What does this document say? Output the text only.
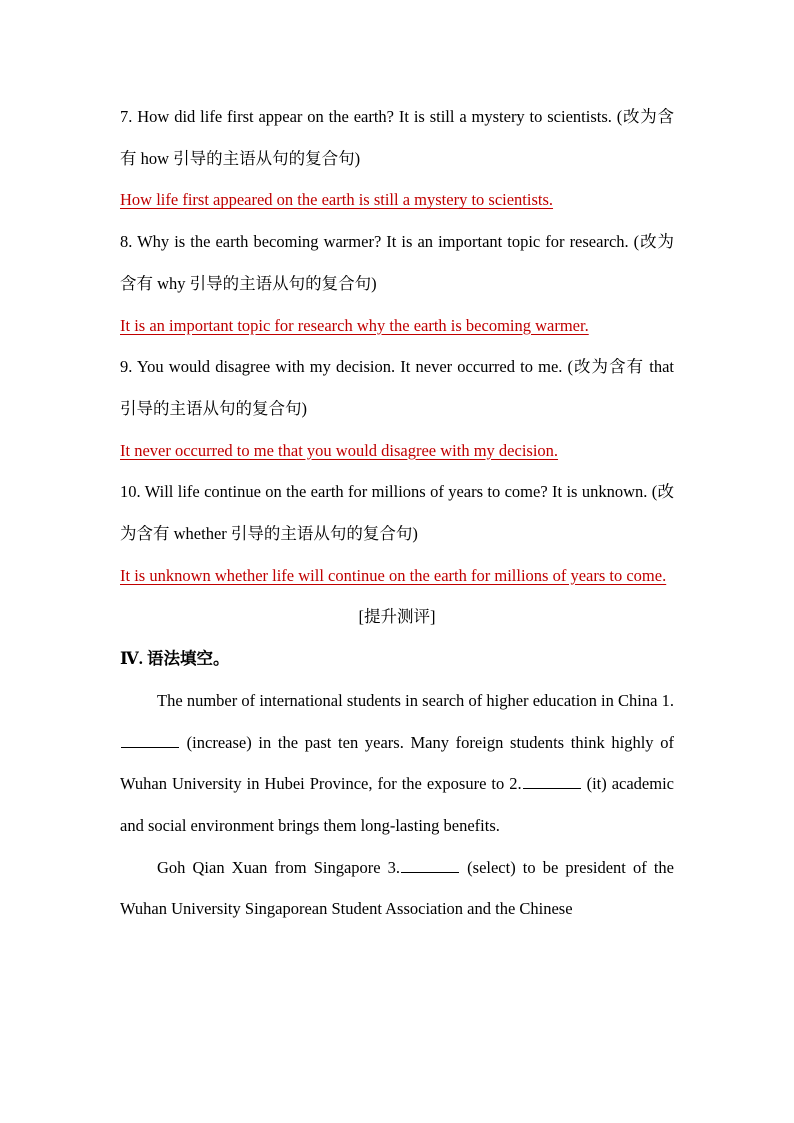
7. How did life first appear on the earth? It is still a mystery to scientists. (改为含有 how 引导的主语从句的复合句)

How life first appeared on the earth is still a mystery to scientists.

8. Why is the earth becoming warmer? It is an important topic for research. (改为含有 why 引导的主语从句的复合句)

It is an important topic for research why the earth is becoming warmer.

9. You would disagree with my decision. It never occurred to me. (改为含有 that 引导的主语从句的复合句)

It never occurred to me that you would disagree with my decision.

10. Will life continue on the earth for millions of years to come? It is unknown. (改为含有 whether 引导的主语从句的复合句)

It is unknown whether life will continue on the earth for millions of years to come.

[提升测评]

Ⅳ. 语法填空。

The number of international students in search of higher education in China 1. (increase) in the past ten years. Many foreign students think highly of Wuhan University in Hubei Province, for the exposure to 2.	(it) academic and social environment brings them long-lasting benefits.

Goh Qian Xuan from Singapore 3.	(select) to be president of the Wuhan University Singaporean Student Association and the Chinese
